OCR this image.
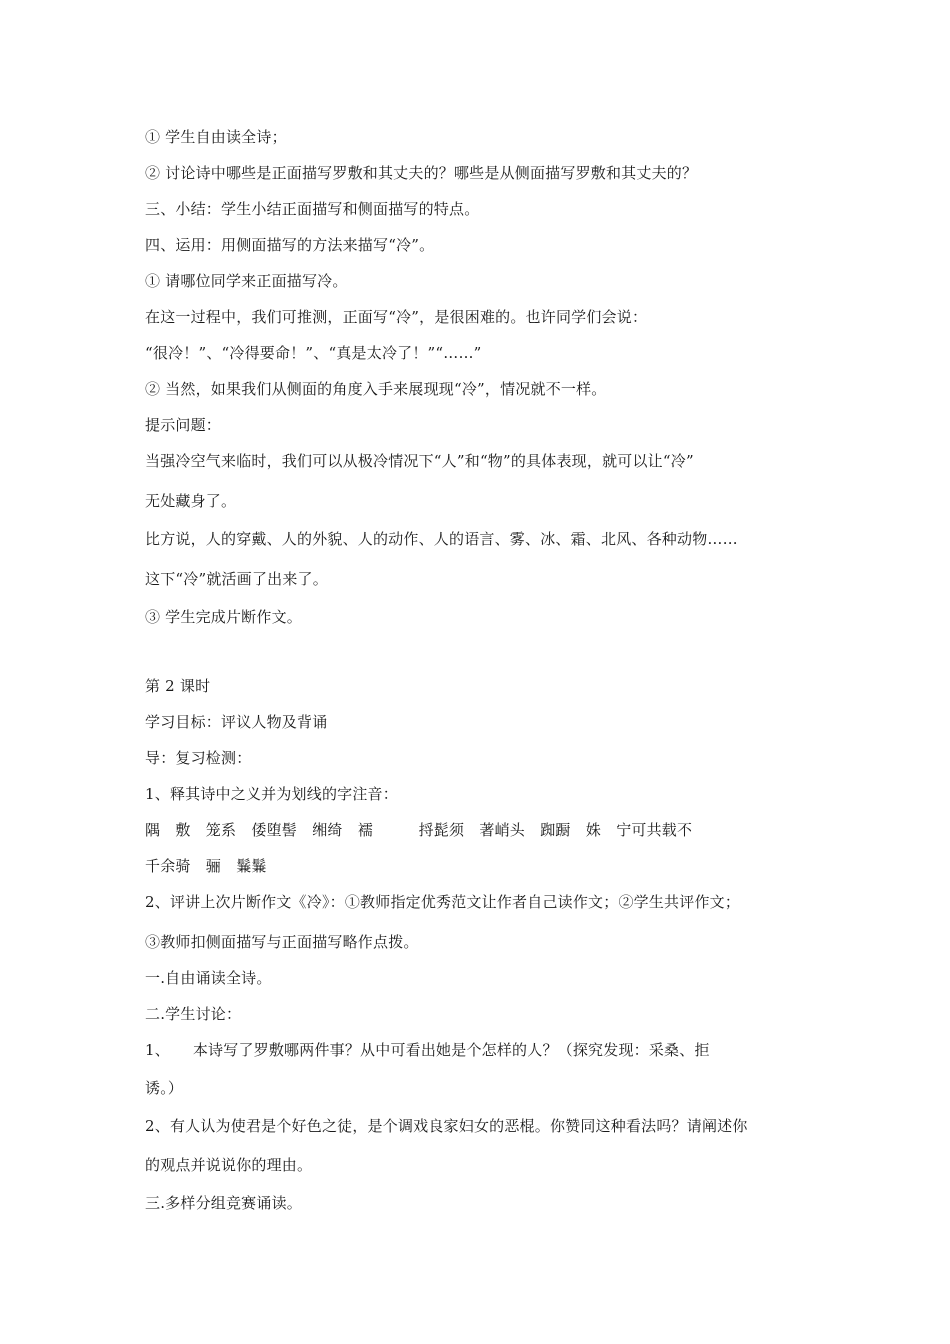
① 学生自由读全诗；
② 讨论诗中哪些是正面描写罗敷和其丈夫的？哪些是从侧面描写罗敷和其丈夫的？
三、小结：学生小结正面描写和侧面描写的特点。
四、运用：用侧面描写的方法来描写“冷”。
① 请哪位同学来正面描写冷。
在这一过程中，我们可推测，正面写“冷”，是很困难的。也许同学们会说：
“很冷！”、“冷得要命！”、“真是太冷了！”“……”
② 当然，如果我们从侧面的角度入手来展现现“冷”，情况就不一样。
提示问题：
当强冷空气来临时，我们可以从极冷情况下“人”和“物”的具体表现，就可以让“冷”
无处藏身了。
比方说，人的穿戴、人的外貌、人的动作、人的语言、雾、冰、霜、北风、各种动物……
这下“冷”就活画了出来了。
③ 学生完成片断作文。
第 2 课时
学习目标：评议人物及背诵
导：复习检测：
1、释其诗中之义并为划线的字注音：
隅　敷　笼系　倭堕髻　缃绮　襦　　　捋髭须　著峭头　踟蹰　姝　宁可共载不
千余骑　骊　鬑鬑
2、评讲上次片断作文《冷》：①教师指定优秀范文让作者自己读作文；②学生共评作文；
③教师扣侧面描写与正面描写略作点拨。
一.自由诵读全诗。
二.学生讨论：
1、　　本诗写了罗敷哪两件事？从中可看出她是个怎样的人？（探究发现：采桑、拒
诱。）
2、有人认为使君是个好色之徒，是个调戏良家妇女的恶棍。你赞同这种看法吗？请阐述你
的观点并说说你的理由。
三.多样分组竞赛诵读。
